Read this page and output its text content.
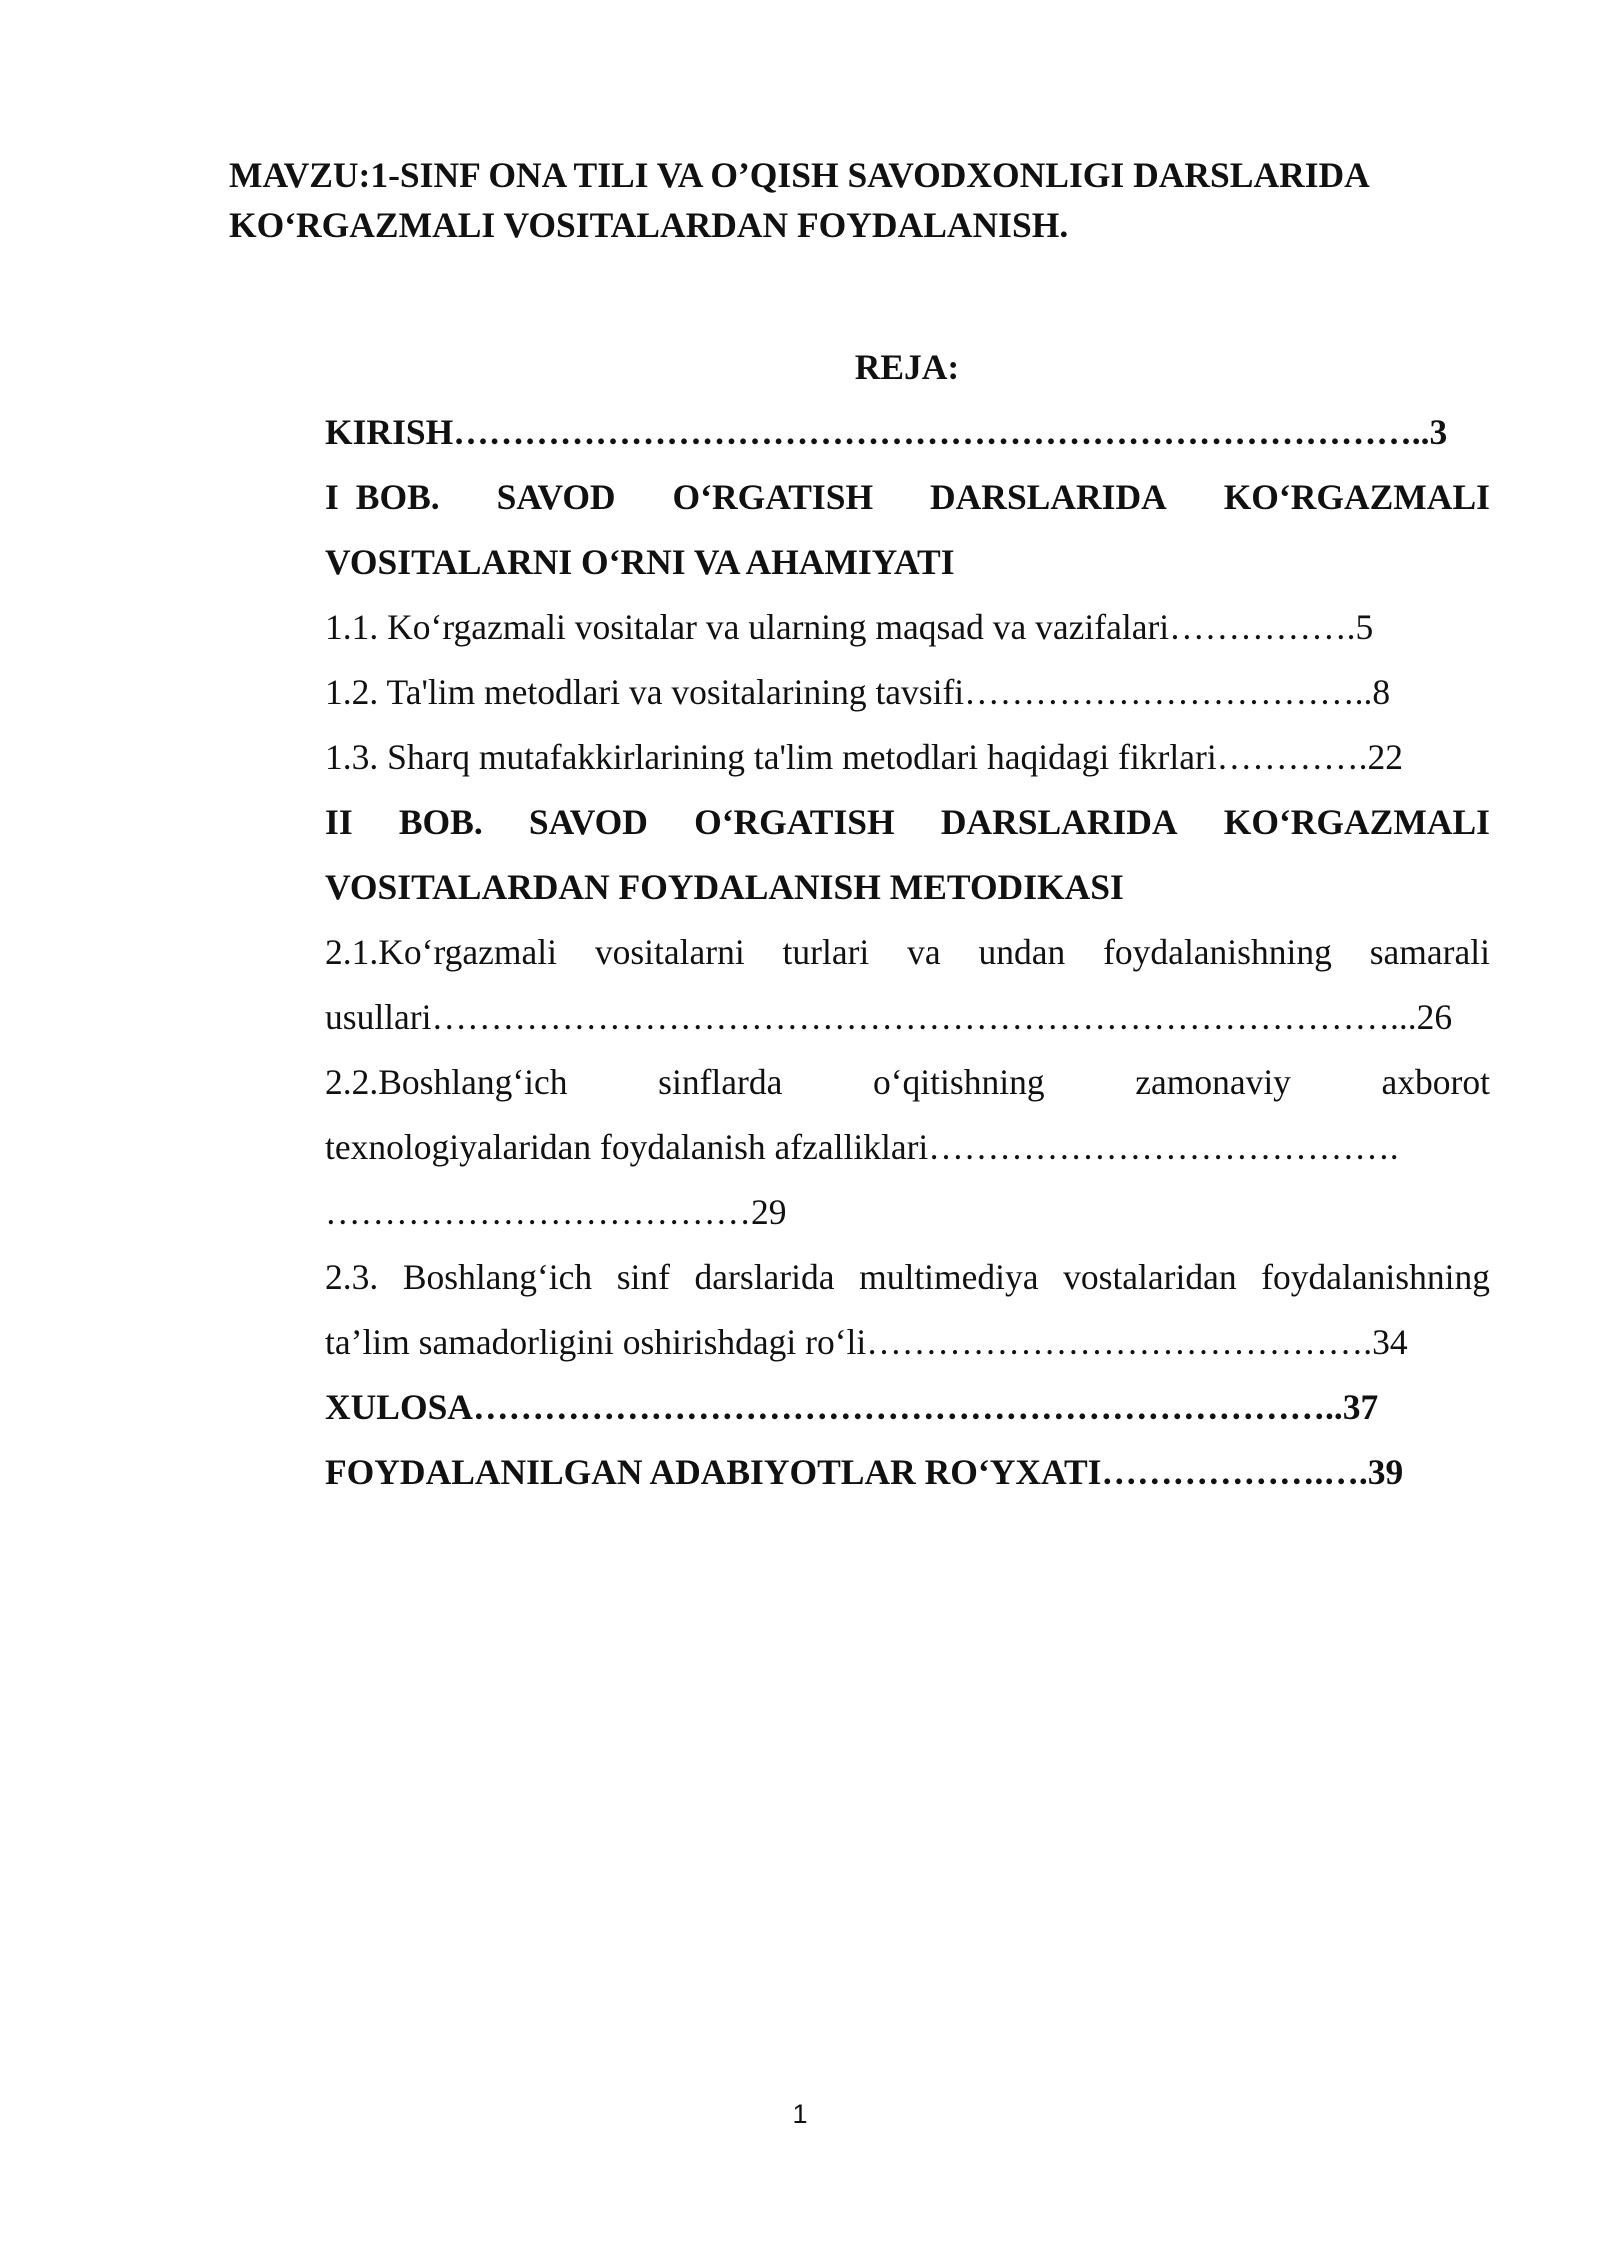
MAVZU:1-SINF ONA TILI VA O’QISH SAVODXONLIGI DARSLARIDA
KO‘RGAZMALI VOSITALARDAN FOYDALANISH.
REJA:
KIRISH………………………………………………………………………..3
I BOB. SAVOD O‘RGATISH DARSLARIDA KO‘RGAZMALI
VOSITALARNI O‘RNI VA AHAMIYATI
1.1. Ko‘rgazmali vositalar va ularning maqsad va vazifalari…………….5
1.2. Ta'lim metodlari va vositalarining tavsifi……………………………..8
1.3. Sharq mutafakkirlarining ta'lim metodlari haqidagi fikrlari………….22
II BOB. SAVOD O‘RGATISH DARSLARIDA KO‘RGAZMALI
VOSITALARDAN FOYDALANISH METODIKASI
2.1.Ko‘rgazmali vositalarni turlari va undan foydalanishning samarali
usullari………………………………………………………………………...26
2.2.Boshlang‘ich	sinflarda	o‘qitishning	zamonaviy	axborot
texnologiyalaridan foydalanish afzalliklari………………………………….
………………………………29
2.3. Boshlang‘ich sinf darslarida multimediya vostalaridan foydalanishning
ta’lim samadorligini oshirishdagi ro‘li…………………………………….34
XULOSA………………………………………………………………..37
FOYDALANILGAN ADABIYOTLAR RO‘YXATI……………….….39
1
